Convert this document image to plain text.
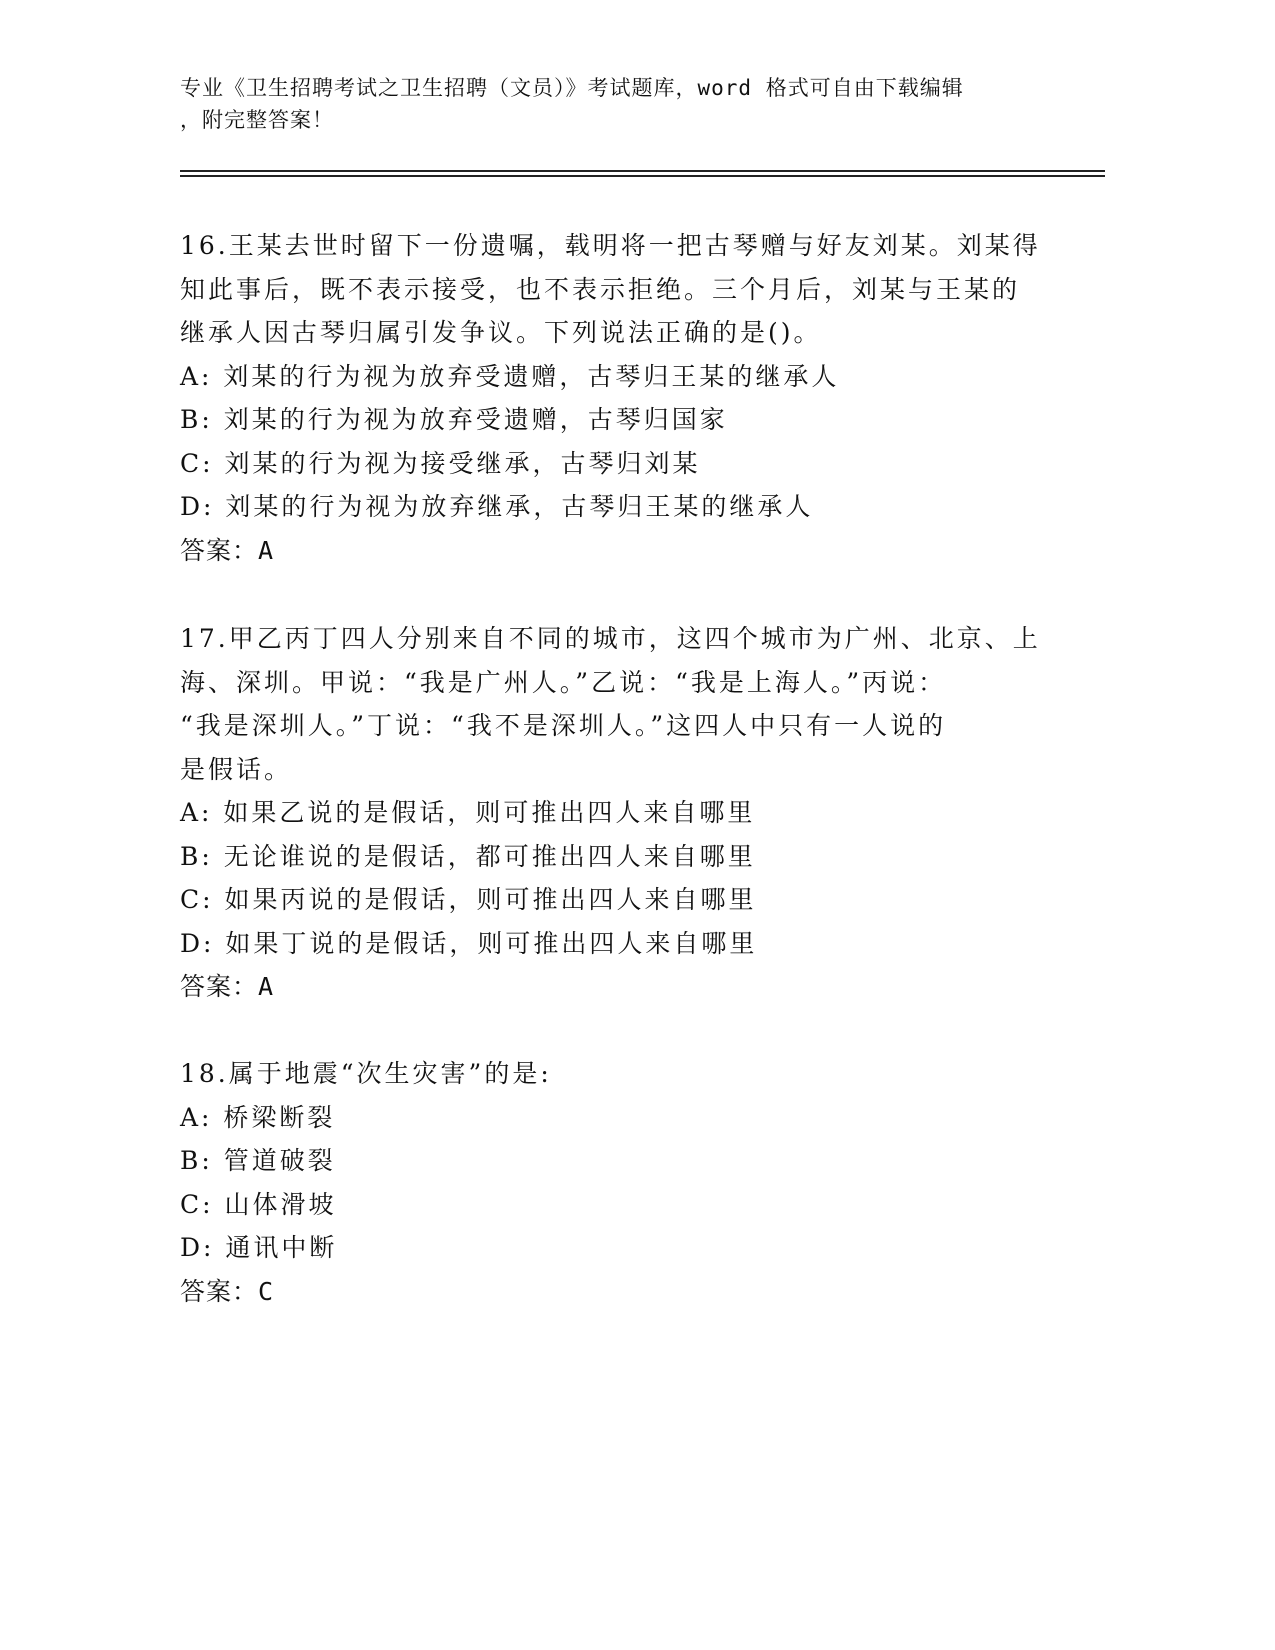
专业《卫生招聘考试之卫生招聘（文员）》考试题库，word 格式可自由下载编辑
，附完整答案！
16.王某去世时留下一份遗嘱，载明将一把古琴赠与好友刘某。刘某得
知此事后，既不表示接受，也不表示拒绝。三个月后，刘某与王某的
继承人因古琴归属引发争议。下列说法正确的是()。
A: 刘某的行为视为放弃受遗赠，古琴归王某的继承人
B: 刘某的行为视为放弃受遗赠，古琴归国家
C: 刘某的行为视为接受继承，古琴归刘某
D: 刘某的行为视为放弃继承，古琴归王某的继承人
答案：A
17.甲乙丙丁四人分别来自不同的城市，这四个城市为广州、北京、上
海、深圳。甲说：“我是广州人。”乙说：“我是上海人。”丙说：
“我是深圳人。”丁说：“我不是深圳人。”这四人中只有一人说的
是假话。
A: 如果乙说的是假话，则可推出四人来自哪里
B: 无论谁说的是假话，都可推出四人来自哪里
C: 如果丙说的是假话，则可推出四人来自哪里
D: 如果丁说的是假话，则可推出四人来自哪里
答案：A
18.属于地震“次生灾害”的是:
A: 桥梁断裂
B: 管道破裂
C: 山体滑坡
D: 通讯中断
答案：C
